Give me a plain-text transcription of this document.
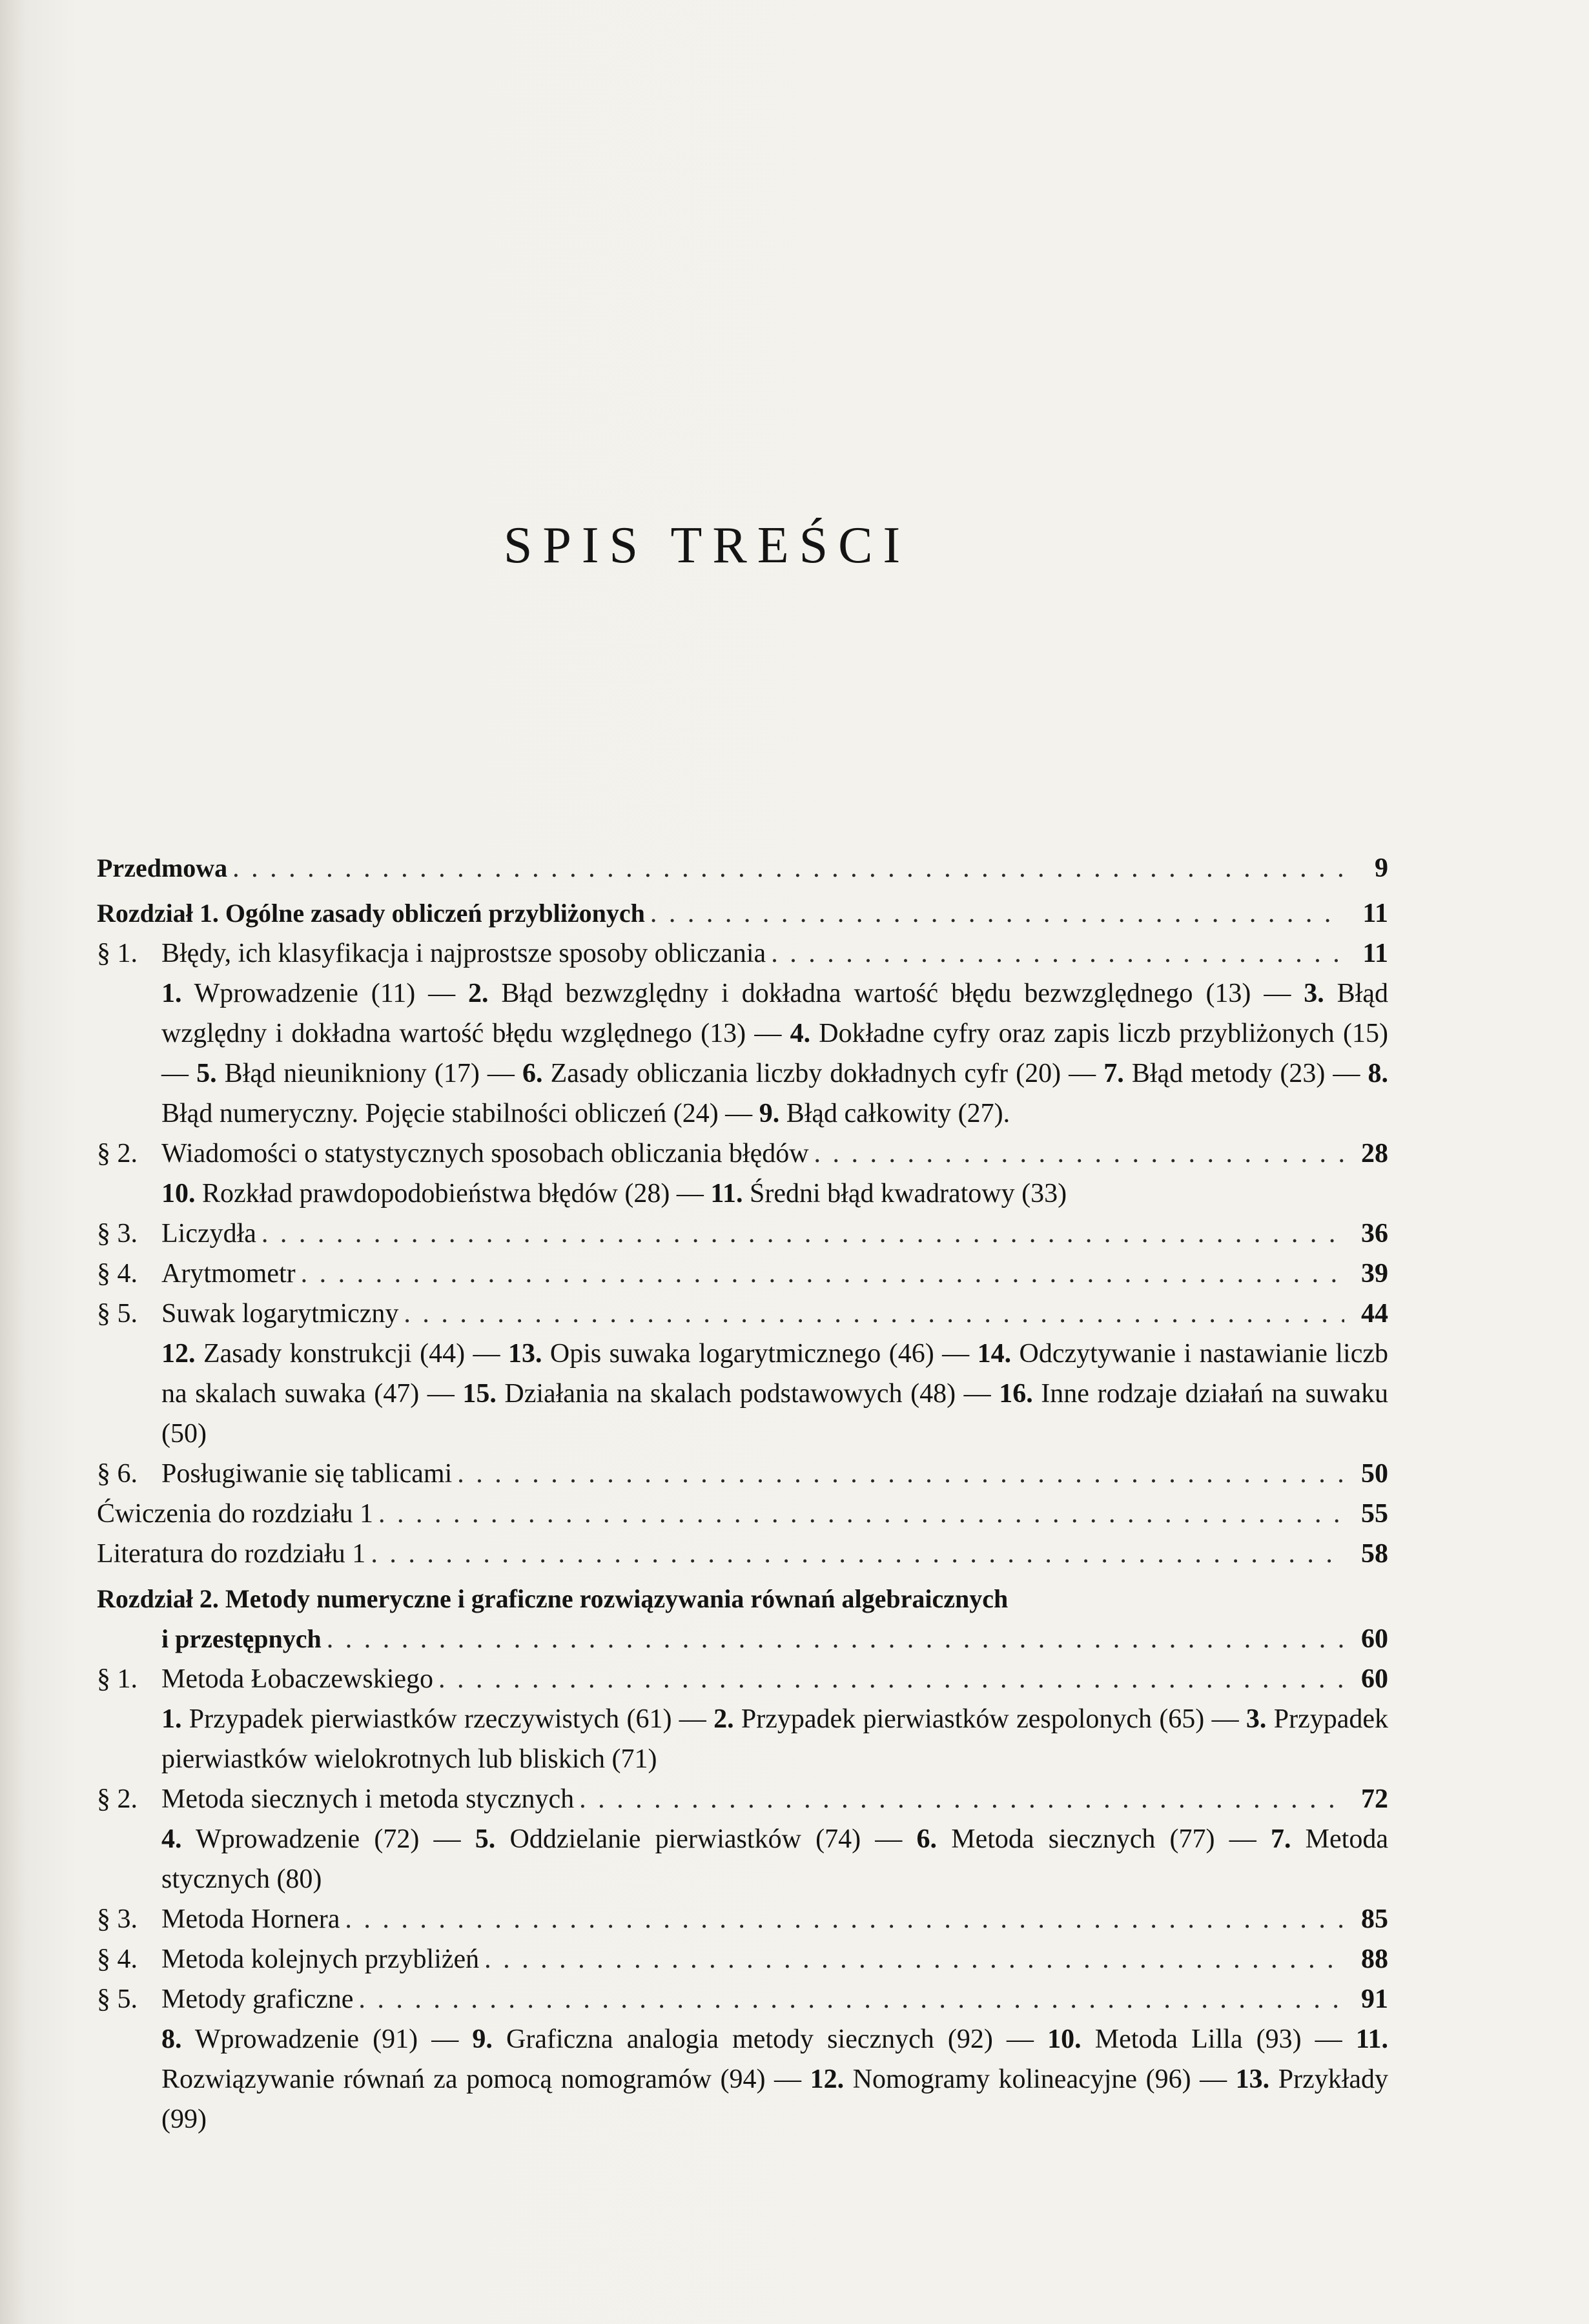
SPIS TREŚCI
Przedmowa . . .	9
Rozdział 1. Ogólne zasady obliczeń przybliżonych . . .	11
§ 1. Błędy, ich klasyfikacja i najprostsze sposoby obliczania . . .	11
1. Wprowadzenie (11) — 2. Błąd bezwzględny i dokładna wartość błędu bezwzględnego (13) — 3. Błąd względny i dokładna wartość błędu względnego (13) — 4. Dokładne cyfry oraz zapis liczb przybliżonych (15) — 5. Błąd nieunikniony (17) — 6. Zasady obliczania liczby dokładnych cyfr (20) — 7. Błąd metody (23) — 8. Błąd numeryczny. Pojęcie stabilności obliczeń (24) — 9. Błąd całkowity (27).
§ 2. Wiadomości o statystycznych sposobach obliczania błędów . . .	28
10. Rozkład prawdopodobieństwa błędów (28) — 11. Średni błąd kwadratowy (33)
§ 3. Liczydła . . .	36
§ 4. Arytmometr . . .	39
§ 5. Suwak logarytmiczny . . .	44
12. Zasady konstrukcji (44) — 13. Opis suwaka logarytmicznego (46) — 14. Odczytywanie i nastawianie liczb na skalach suwaka (47) — 15. Działania na skalach podstawowych (48) — 16. Inne rodzaje działań na suwaku (50)
§ 6. Posługiwanie się tablicami . . .	50
Ćwiczenia do rozdziału 1 . . .	55
Literatura do rozdziału 1 . . .	58
Rozdział 2. Metody numeryczne i graficzne rozwiązywania równań algebraicznych
i przestępnych . . .	60
§ 1. Metoda Łobaczewskiego . . .	60
1. Przypadek pierwiastków rzeczywistych (61) — 2. Przypadek pierwiastków zespolonych (65) — 3. Przypadek pierwiastków wielokrotnych lub bliskich (71)
§ 2. Metoda siecznych i metoda stycznych . . .	72
4. Wprowadzenie (72) — 5. Oddzielanie pierwiastków (74) — 6. Metoda siecznych (77) — 7. Metoda stycznych (80)
§ 3. Metoda Hornera . . .	85
§ 4. Metoda kolejnych przybliżeń . . .	88
§ 5. Metody graficzne . . .	91
8. Wprowadzenie (91) — 9. Graficzna analogia metody siecznych (92) — 10. Metoda Lilla (93) — 11. Rozwiązywanie równań za pomocą nomogramów (94) — 12. Nomogramy kolineacyjne (96) — 13. Przykłady (99)
